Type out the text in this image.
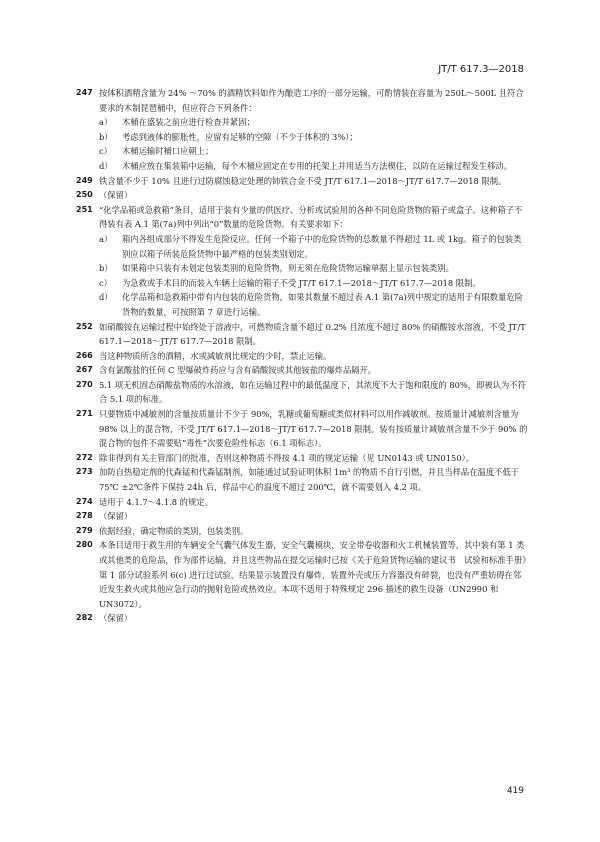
JT/T 617.3—2018
247 按体积酒精含量为 24% ～70% 的酒精饮料如作为酿造工序的一部分运输，可酌情装在容量为 250L～500L 且符合要求的木制琵琶桶中，但应符合下列条件：
a） 木桶在盛装之前应进行检查并紧固；
b） 考虑到液体的膨胀性，应留有足够的空隙（不少于体积的 3%）；
c） 木桶运输时桶口应朝上；
d） 木桶应放在集装箱中运输，每个木桶应固定在专用的托架上并用适当方法楔住，以防在运输过程发生移动。
249 铁含量不少于 10% 且进行过防腐蚀稳定处理的铈铁合金不受 JT/T 617.1—2018～JT/T 617.7—2018 限制。
250 （保留）
251 “化学品箱或急救箱”条目，适用于装有少量的供医疗、分析或试验用的各种不同危险货物的箱子或盒子。这种箱子不得装有表 A.1 第(7a)列中列出“0”数量的危险货物。有关要求如下：
a） 箱内各组成部分不得发生危险反应。任何一个箱子中的危险货物的总数量不得超过 1L 或 1kg。箱子的包装类别应以箱子所装危险货物中最严格的包装类别划定。
b） 如果箱中只装有未划定包装类别的危险货物，则无须在危险货物运输单据上显示包装类别。
c） 为急救或手术目的而装入车辆上运输的箱子不受 JT/T 617.1—2018～JT/T 617.7—2018 限制。
d） 化学品箱和急救箱中带有内包装的危险货物，如果其数量不超过表 A.1 第(7a)列中规定的适用于有限数量危险货物的数量，可按照第 7 章进行运输。
252 如硝酸铵在运输过程中始终处于溶液中，可燃物质含量不超过 0.2% 且浓度不超过 80% 的硝酸铵水溶液，不受 JT/T 617.1—2018～JT/T 617.7—2018 限制。
266 当这种物质所含的酒精，水或减敏剂比规定的少时，禁止运输。
267 含有氯酸盐的任何 C 型爆破炸药应与含有硝酸铵或其他铵盐的爆炸品隔开。
270 5.1 项无机固态硝酸盐物质的水溶液，如在运输过程中的最低温度下，其浓度不大于饱和限度的 80%，即被认为不符合 5.1 项的标准。
271 只要物质中减敏剂的含量按质量计不少于 90%，乳糖或葡萄糖或类似材料可以用作减敏剂。按质量计减敏剂含量为 98% 以上的混合物，不受 JT/T 617.1—2018～JT/T 617.7—2018 限制。装有按质量计减敏剂含量不少于 90% 的混合物的包件不需要贴“毒性”次要危险性标志（6.1 项标志）。
272 除非得到有关主管部门的批准，否则这种物质不得按 4.1 项的规定运输（见 UN0143 或 UN0150）。
273 加防自热稳定剂的代森锰和代森锰制剂，如能通过试验证明体积 1m³ 的物质不自行引燃，并且当样品在温度不低于 75℃ ±2℃条件下保持 24h 后，样品中心的温度不超过 200℃，就不需要划入 4.2 项。
274 适用于 4.1.7～4.1.8 的规定。
278 （保留）
279 依据经验，确定物质的类别，包装类别。
280 本条目适用于救生用的车辆安全气囊气体发生器，安全气囊模块，安全带卷收器和火工机械装置等，其中装有第 1 类或其他类的危险品，作为部件运输，并且这些物品在提交运输时已按《关于危险货物运输的建议书　试验和标准手册》第 1 部分试验系列 6(c) 进行过试验，结果显示装置没有爆炸，装置外壳或压力容器没有碎裂，也没有严重妨碍在邻近发生救火或其他应急行动的抛射危险或热效应。本项不适用于特殊规定 296 描述的救生设备（UN2990 和 UN3072）。
282 （保留）
419
